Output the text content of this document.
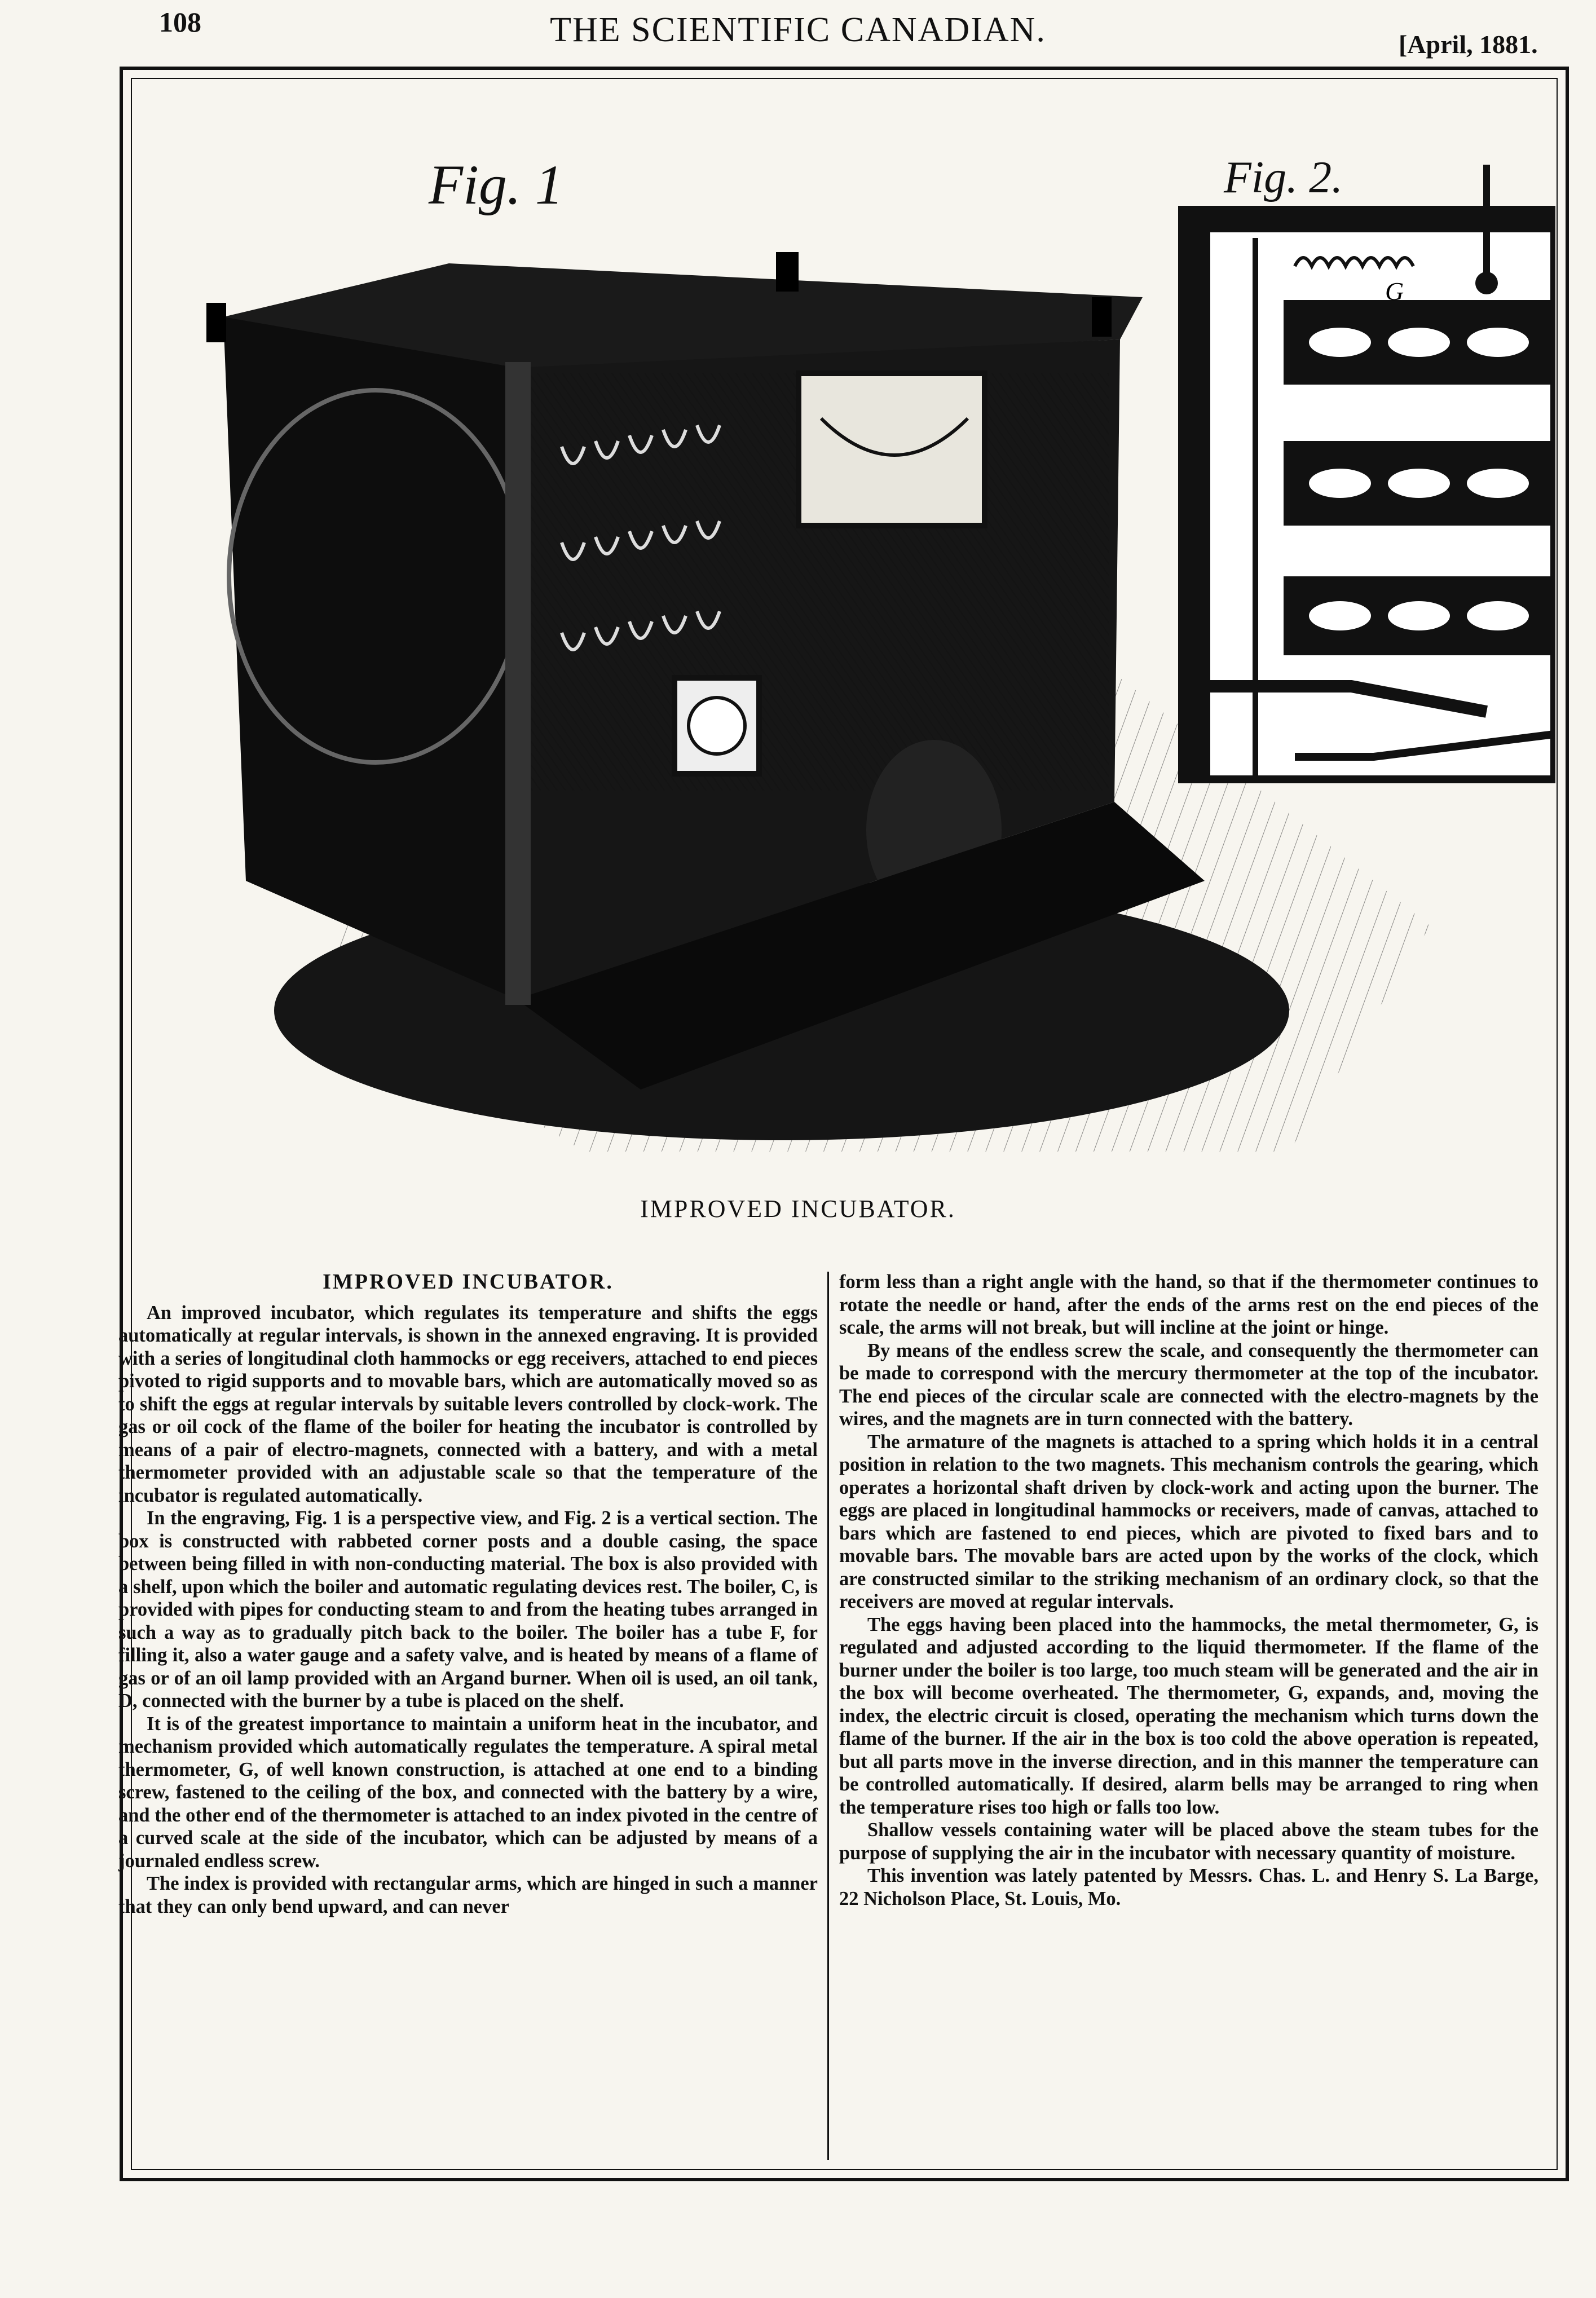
108	THE SCIENTIFIC CANADIAN.	[April, 1881.
G
Fig. 1	Fig. 2.
IMPROVED INCUBATOR.

IMPROVED INCUBATOR.

An improved incubator, which regulates its temperature and shifts the eggs automatically at regular intervals, is shown in the annexed engraving. It is provided with a series of longitudinal cloth hammocks or egg receivers, attached to end pieces pivoted to rigid supports and to movable bars, which are automatically moved so as to shift the eggs at regular intervals by suitable levers controlled by clock-work. The gas or oil cock of the flame of the boiler for heating the incubator is controlled by means of a pair of electro-magnets, connected with a battery, and with a metal thermometer provided with an adjustable scale so that the temperature of the incubator is regulated automatically.

In the engraving, Fig. 1 is a perspective view, and Fig. 2 is a vertical section. The box is constructed with rabbeted corner posts and a double casing, the space between being filled in with non-conducting material. The box is also provided with a shelf, upon which the boiler and automatic regulating devices rest. The boiler, C, is provided with pipes for conducting steam to and from the heating tubes arranged in such a way as to gradually pitch back to the boiler. The boiler has a tube F, for filling it, also a water gauge and a safety valve, and is heated by means of a flame of gas or of an oil lamp provided with an Argand burner. When oil is used, an oil tank, D, connected with the burner by a tube is placed on the shelf.

It is of the greatest importance to maintain a uniform heat in the incubator, and mechanism provided which automatically regulates the temperature. A spiral metal thermometer, G, of well known construction, is attached at one end to a binding screw, fastened to the ceiling of the box, and connected with the battery by a wire, and the other end of the thermometer is attached to an index pivoted in the centre of a curved scale at the side of the incubator, which can be adjusted by means of a journaled endless screw.

The index is provided with rectangular arms, which are hinged in such a manner that they can only bend upward, and can never

form less than a right angle with the hand, so that if the thermometer continues to rotate the needle or hand, after the ends of the arms rest on the end pieces of the scale, the arms will not break, but will incline at the joint or hinge.

By means of the endless screw the scale, and consequently the thermometer can be made to correspond with the mercury thermometer at the top of the incubator. The end pieces of the circular scale are connected with the electro-magnets by the wires, and the magnets are in turn connected with the battery.

The armature of the magnets is attached to a spring which holds it in a central position in relation to the two magnets. This mechanism controls the gearing, which operates a horizontal shaft driven by clock-work and acting upon the burner. The eggs are placed in longitudinal hammocks or receivers, made of canvas, attached to bars which are fastened to end pieces, which are pivoted to fixed bars and to movable bars. The movable bars are acted upon by the works of the clock, which are constructed similar to the striking mechanism of an ordinary clock, so that the receivers are moved at regular intervals.

The eggs having been placed into the hammocks, the metal thermometer, G, is regulated and adjusted according to the liquid thermometer. If the flame of the burner under the boiler is too large, too much steam will be generated and the air in the box will become overheated. The thermometer, G, expands, and, moving the index, the electric circuit is closed, operating the mechanism which turns down the flame of the burner. If the air in the box is too cold the above operation is repeated, but all parts move in the inverse direction, and in this manner the temperature can be controlled automatically. If desired, alarm bells may be arranged to ring when the temperature rises too high or falls too low.

Shallow vessels containing water will be placed above the steam tubes for the purpose of supplying the air in the incubator with necessary quantity of moisture.

This invention was lately patented by Messrs. Chas. L. and Henry S. La Barge, 22 Nicholson Place, St. Louis, Mo.
